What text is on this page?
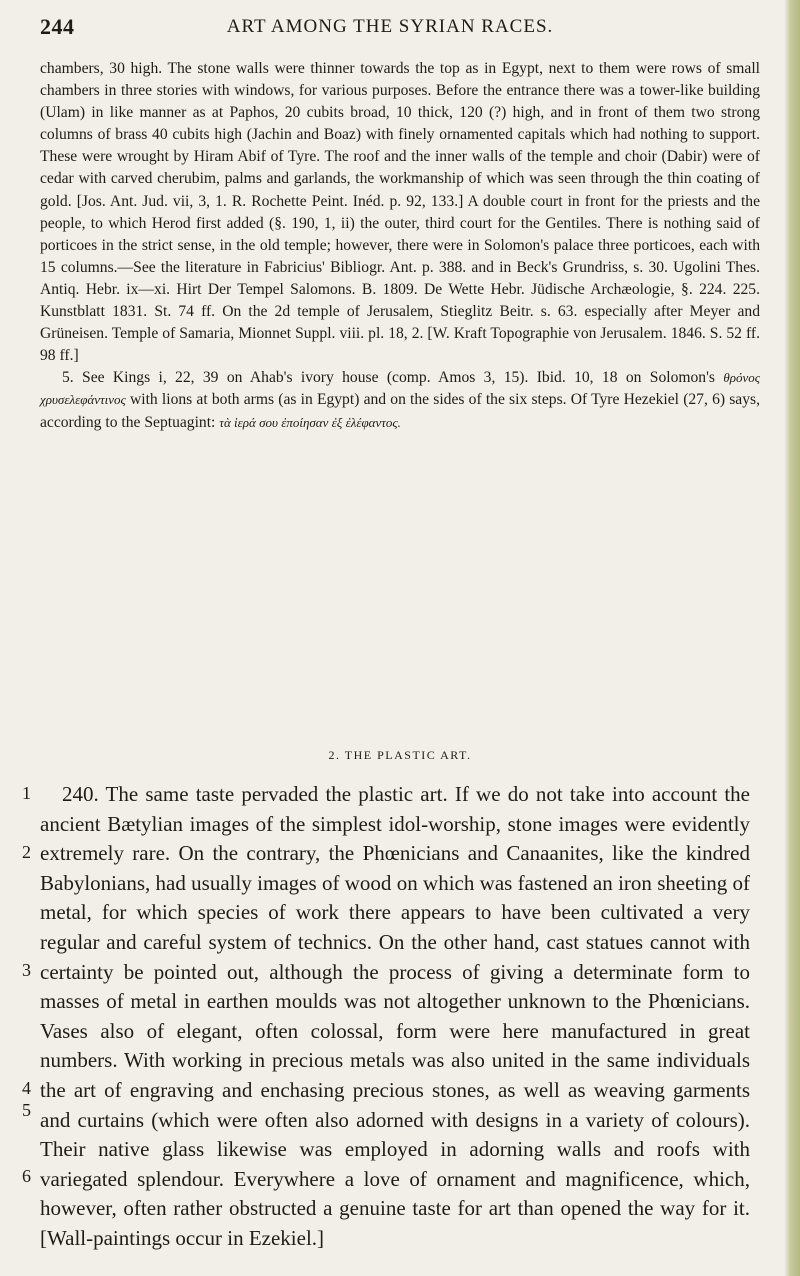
244	ART AMONG THE SYRIAN RACES.

chambers, 30 high. The stone walls were thinner towards the top as in Egypt, next to them were rows of small chambers in three stories with windows, for various purposes. Before the entrance there was a tower-like building (Ulam) in like manner as at Paphos, 20 cubits broad, 10 thick, 120 (?) high, and in front of them two strong columns of brass 40 cubits high (Jachin and Boaz) with finely ornamented capitals which had nothing to support. These were wrought by Hiram Abif of Tyre. The roof and the inner walls of the temple and choir (Dabir) were of cedar with carved cherubim, palms and garlands, the workmanship of which was seen through the thin coating of gold. [Jos. Ant. Jud. vii, 3, 1. R. Rochette Peint. Inéd. p. 92, 133.] A double court in front for the priests and the people, to which Herod first added (§. 190, 1, ii) the outer, third court for the Gentiles. There is nothing said of porticoes in the strict sense, in the old temple; however, there were in Solomon's palace three porticoes, each with 15 columns.—See the literature in Fabricius' Bibliogr. Ant. p. 388. and in Beck's Grundriss, s. 30. Ugolini Thes. Antiq. Hebr. ix—xi. Hirt Der Tempel Salomons. B. 1809. De Wette Hebr. Jüdische Archæologie, §. 224. 225. Kunstblatt 1831. St. 74 ff. On the 2d temple of Jerusalem, Stieglitz Beitr. s. 63. especially after Meyer and Grüneisen. Temple of Samaria, Mionnet Suppl. viii. pl. 18, 2. [W. Kraft Topographie von Jerusalem. 1846. S. 52 ff. 98 ff.]

5. See Kings i, 22, 39 on Ahab's ivory house (comp. Amos 3, 15). Ibid. 10, 18 on Solomon's θρόνος χρυσελεφάντινος with lions at both arms (as in Egypt) and on the sides of the six steps. Of Tyre Hezekiel (27, 6) says, according to the Septuagint: τὰ ἱερά σου ἐποίησαν ἐξ ἐλέφαντος.

2. THE PLASTIC ART.
1
2
3
4
5
6

240. The same taste pervaded the plastic art. If we do not take into account the ancient Bætylian images of the simplest idol-worship, stone images were evidently extremely rare. On the contrary, the Phœnicians and Canaanites, like the kindred Babylonians, had usually images of wood on which was fastened an iron sheeting of metal, for which species of work there appears to have been cultivated a very regular and careful system of technics. On the other hand, cast statues cannot with certainty be pointed out, although the process of giving a determinate form to masses of metal in earthen moulds was not altogether unknown to the Phœnicians. Vases also of elegant, often colossal, form were here manufactured in great numbers. With working in precious metals was also united in the same individuals the art of engraving and enchasing precious stones, as well as weaving garments and curtains (which were often also adorned with designs in a variety of colours). Their native glass likewise was employed in adorning walls and roofs with variegated splendour. Everywhere a love of ornament and magnificence, which, however, often rather obstructed a genuine taste for art than opened the way for it. [Wall-paintings occur in Ezekiel.]
